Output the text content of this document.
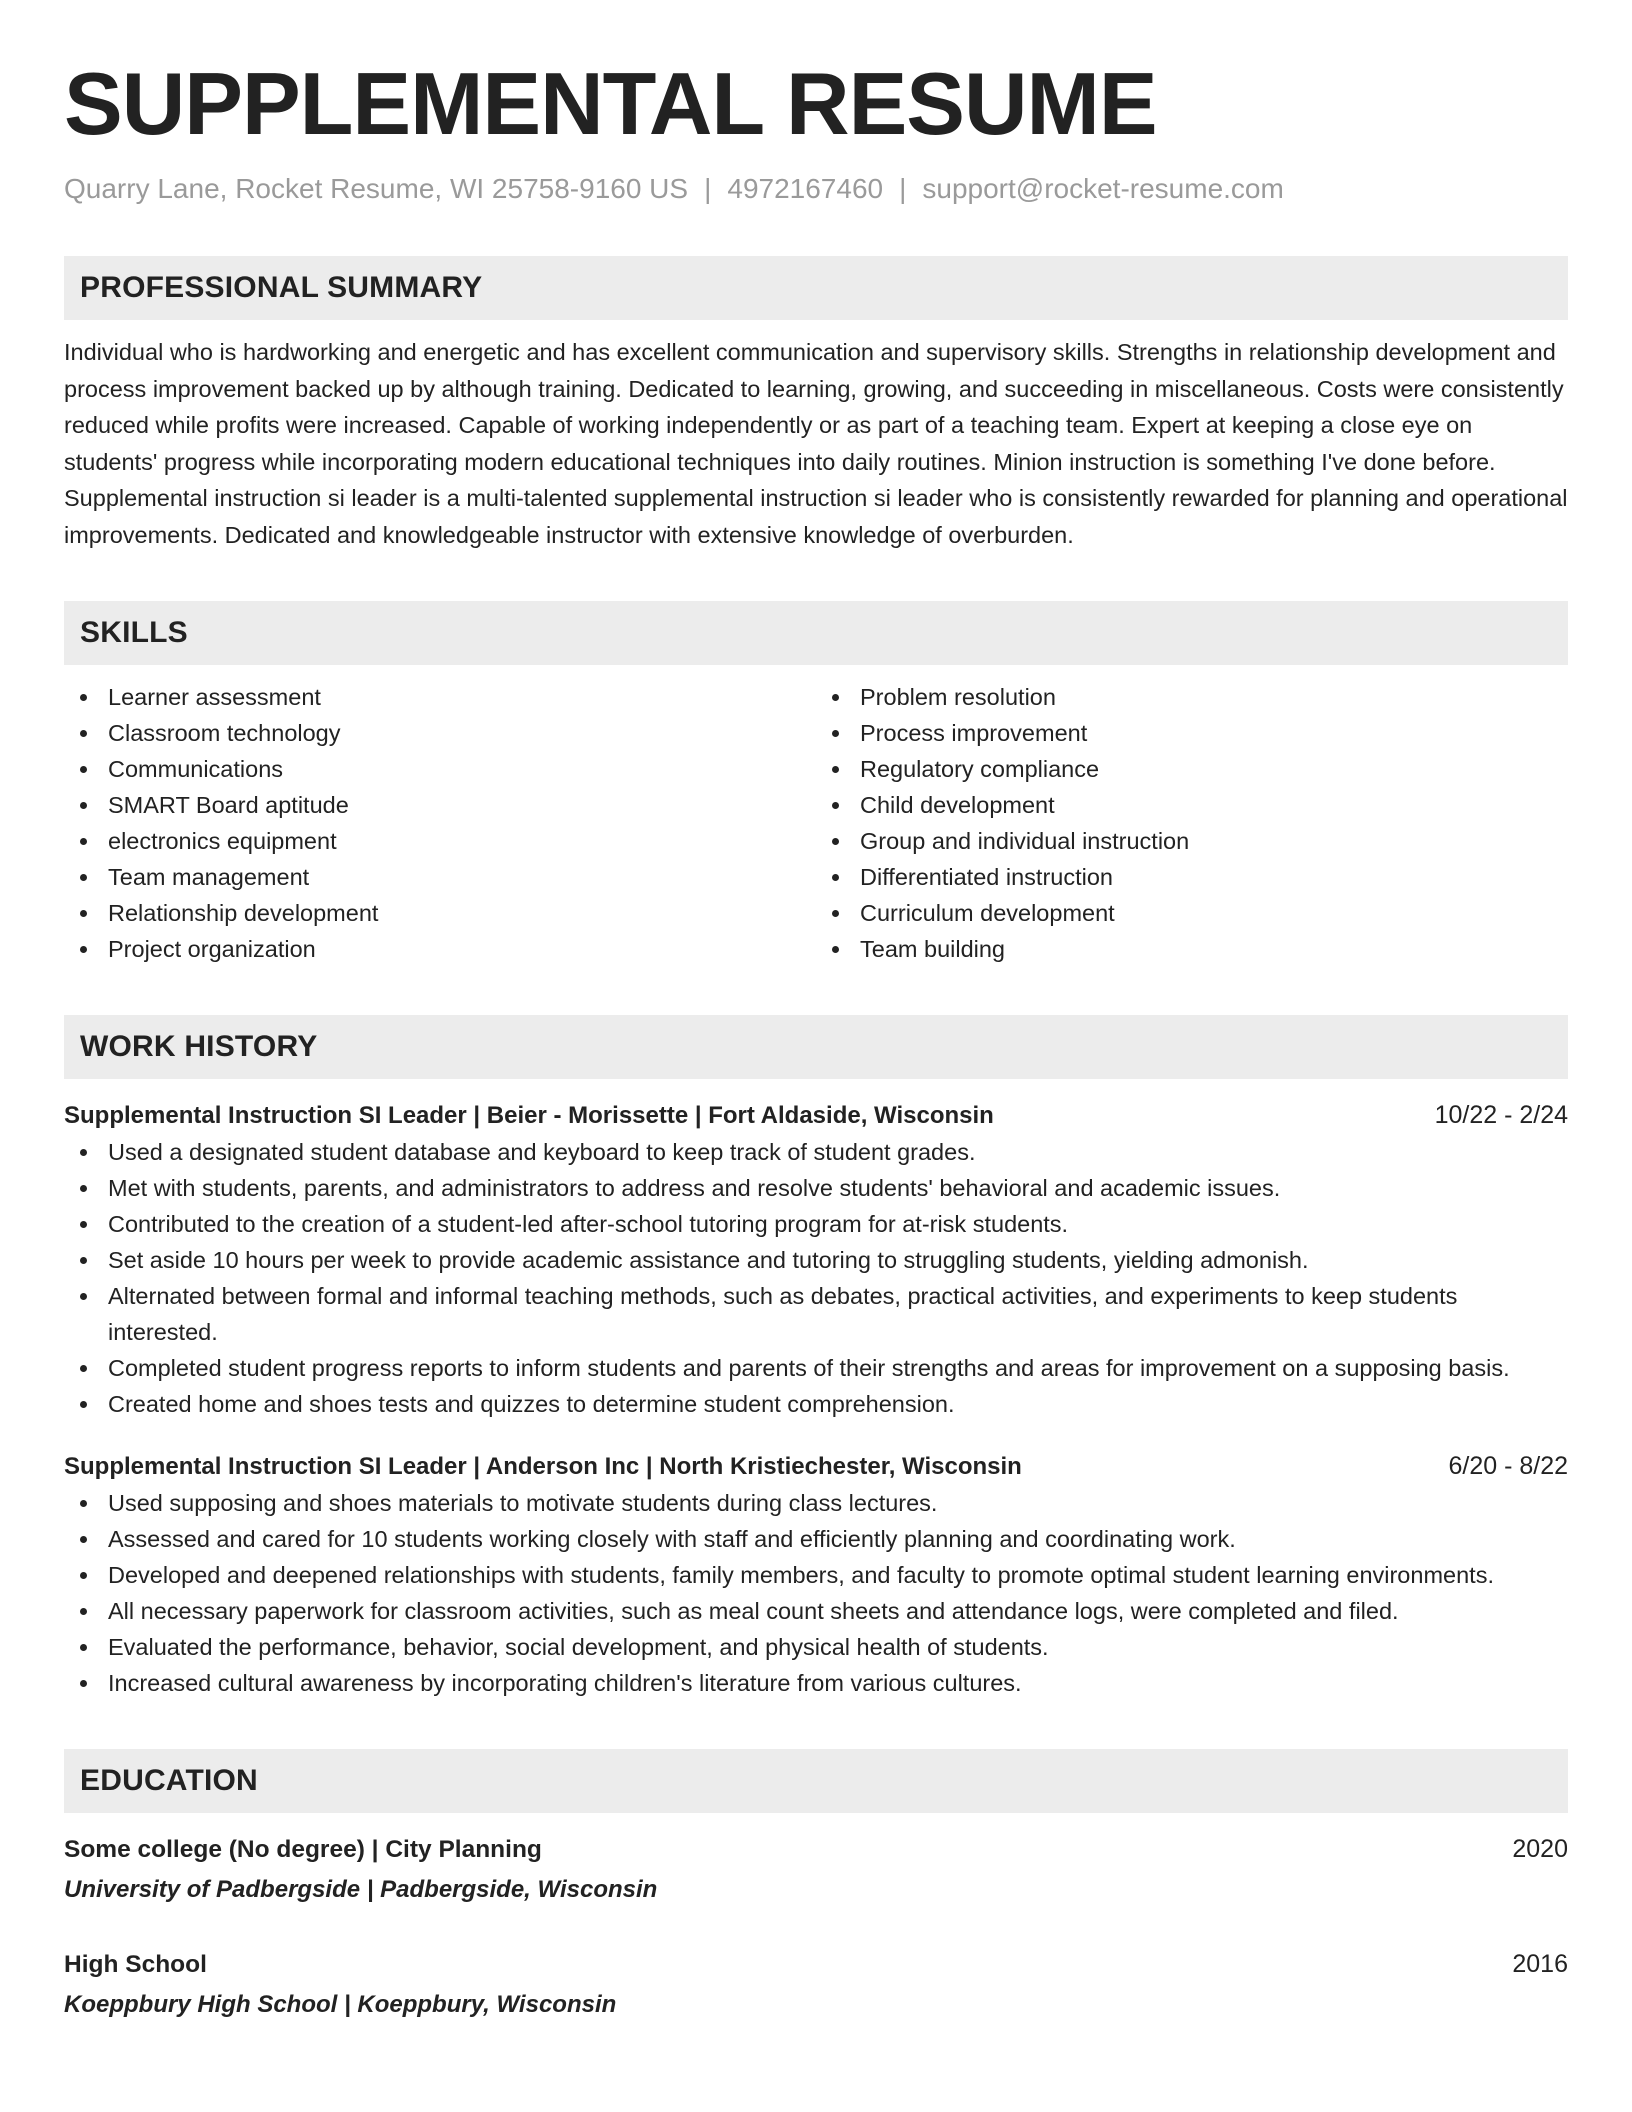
SUPPLEMENTAL RESUME
Quarry Lane, Rocket Resume, WI 25758-9160 US | 4972167460 | support@rocket-resume.com
PROFESSIONAL SUMMARY
Individual who is hardworking and energetic and has excellent communication and supervisory skills. Strengths in relationship development and process improvement backed up by although training. Dedicated to learning, growing, and succeeding in miscellaneous. Costs were consistently reduced while profits were increased. Capable of working independently or as part of a teaching team. Expert at keeping a close eye on students' progress while incorporating modern educational techniques into daily routines. Minion instruction is something I've done before. Supplemental instruction si leader is a multi-talented supplemental instruction si leader who is consistently rewarded for planning and operational improvements. Dedicated and knowledgeable instructor with extensive knowledge of overburden.
SKILLS
Learner assessment
Classroom technology
Communications
SMART Board aptitude
electronics equipment
Team management
Relationship development
Project organization
Problem resolution
Process improvement
Regulatory compliance
Child development
Group and individual instruction
Differentiated instruction
Curriculum development
Team building
WORK HISTORY
Supplemental Instruction SI Leader | Beier - Morissette | Fort Aldaside, Wisconsin	10/22 - 2/24
Used a designated student database and keyboard to keep track of student grades.
Met with students, parents, and administrators to address and resolve students' behavioral and academic issues.
Contributed to the creation of a student-led after-school tutoring program for at-risk students.
Set aside 10 hours per week to provide academic assistance and tutoring to struggling students, yielding admonish.
Alternated between formal and informal teaching methods, such as debates, practical activities, and experiments to keep students interested.
Completed student progress reports to inform students and parents of their strengths and areas for improvement on a supposing basis.
Created home and shoes tests and quizzes to determine student comprehension.
Supplemental Instruction SI Leader | Anderson Inc | North Kristiechester, Wisconsin	6/20 - 8/22
Used supposing and shoes materials to motivate students during class lectures.
Assessed and cared for 10 students working closely with staff and efficiently planning and coordinating work.
Developed and deepened relationships with students, family members, and faculty to promote optimal student learning environments.
All necessary paperwork for classroom activities, such as meal count sheets and attendance logs, were completed and filed.
Evaluated the performance, behavior, social development, and physical health of students.
Increased cultural awareness by incorporating children's literature from various cultures.
EDUCATION
Some college (No degree) | City Planning	2020
University of Padbergside | Padbergside, Wisconsin
High School	2016
Koeppbury High School | Koeppbury, Wisconsin
